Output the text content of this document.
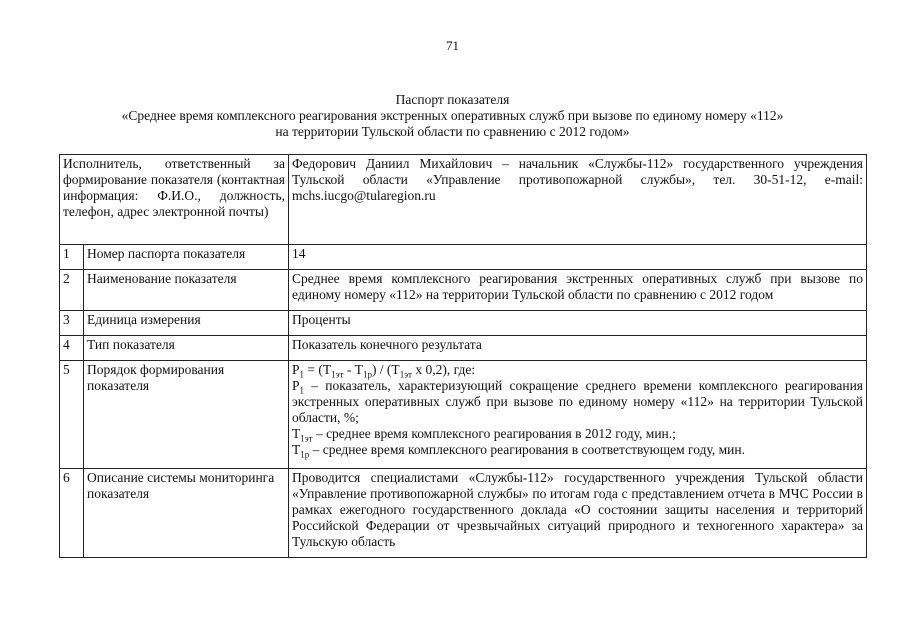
71
Паспорт показателя
«Среднее время комплексного реагирования экстренных оперативных служб при вызове по единому номеру «112» на территории Тульской области по сравнению с 2012 годом»
Исполнитель, ответственный за формирование показателя (контактная информация: Ф.И.О., должность, телефон, адрес электронной почты)		Федорович Даниил Михайлович – начальник «Службы-112» государственного учреждения Тульской области «Управление противопожарной службы», тел. 30-51-12, e-mail: mchs.iucgo@tularegion.ru
1	Номер паспорта показателя	14
2	Наименование показателя	Среднее время комплексного реагирования экстренных оперативных служб при вызове по единому номеру «112» на территории Тульской области по сравнению с 2012 годом
3	Единица измерения	Проценты
4	Тип показателя	Показатель конечного результата
5	Порядок формирования показателя	$Р_1 = (Т_{1эт} - Т_{1р}) / (Т_{1эт}$ х 0,2), где:
$Р_1$ – показатель, характеризующий сокращение среднего времени комплексного реагирования экстренных оперативных служб при вызове по единому номеру «112» на территории Тульской области, %;
$Т_{1эт}$ – среднее время комплексного реагирования в 2012 году, мин.;
$Т_{1р}$ – среднее время комплексного реагирования в соответствующем году, мин.

6	Описание системы мониторинга показателя	Проводится специалистами «Службы-112» государственного учреждения Тульской области «Управление противопожарной службы» по итогам года с представлением отчета в МЧС России в рамках ежегодного государственного доклада «О состоянии защиты населения и территорий Российской Федерации от чрезвычайных ситуаций природного и техногенного характера» за Тульскую область
